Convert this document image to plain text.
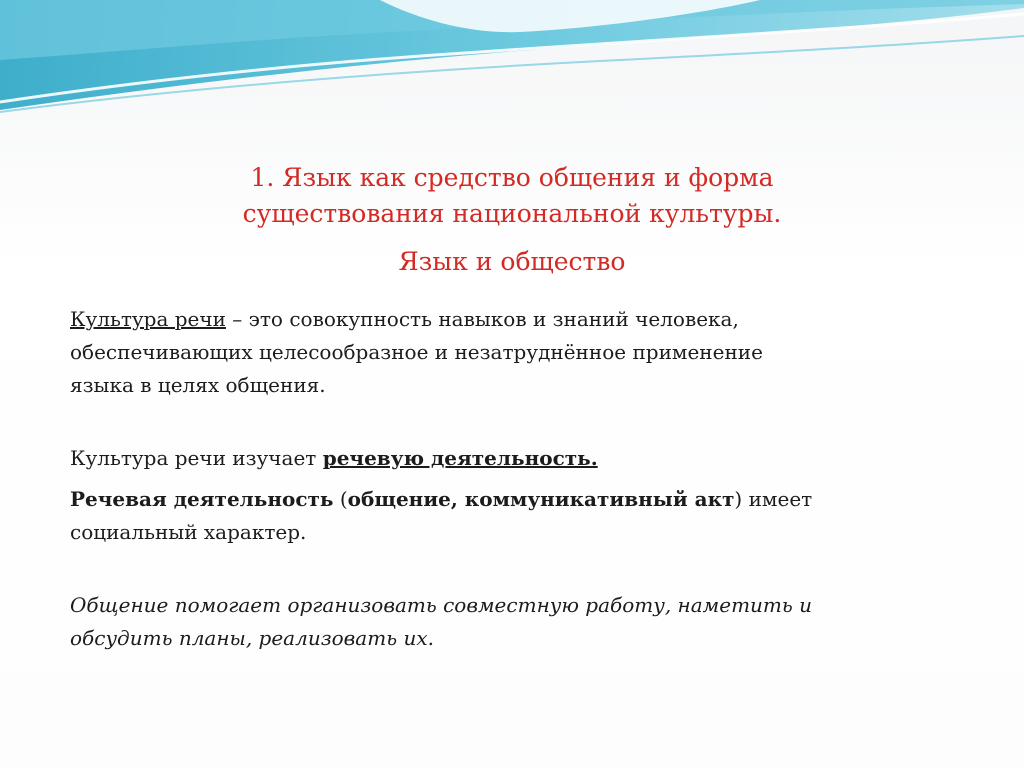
1. Язык как средство общения и форма
существования национальной культуры.
Язык и общество

Культура речи – это совокупность навыков и знаний человека,
обеспечивающих целесообразное и незатруднённое применение
языка в целях общения.

Культура речи изучает речевую деятельность.

Речевая деятельность (общение, коммуникативный акт) имеет
социальный характер.

Общение помогает организовать совместную работу, наметить и
обсудить планы, реализовать их.
